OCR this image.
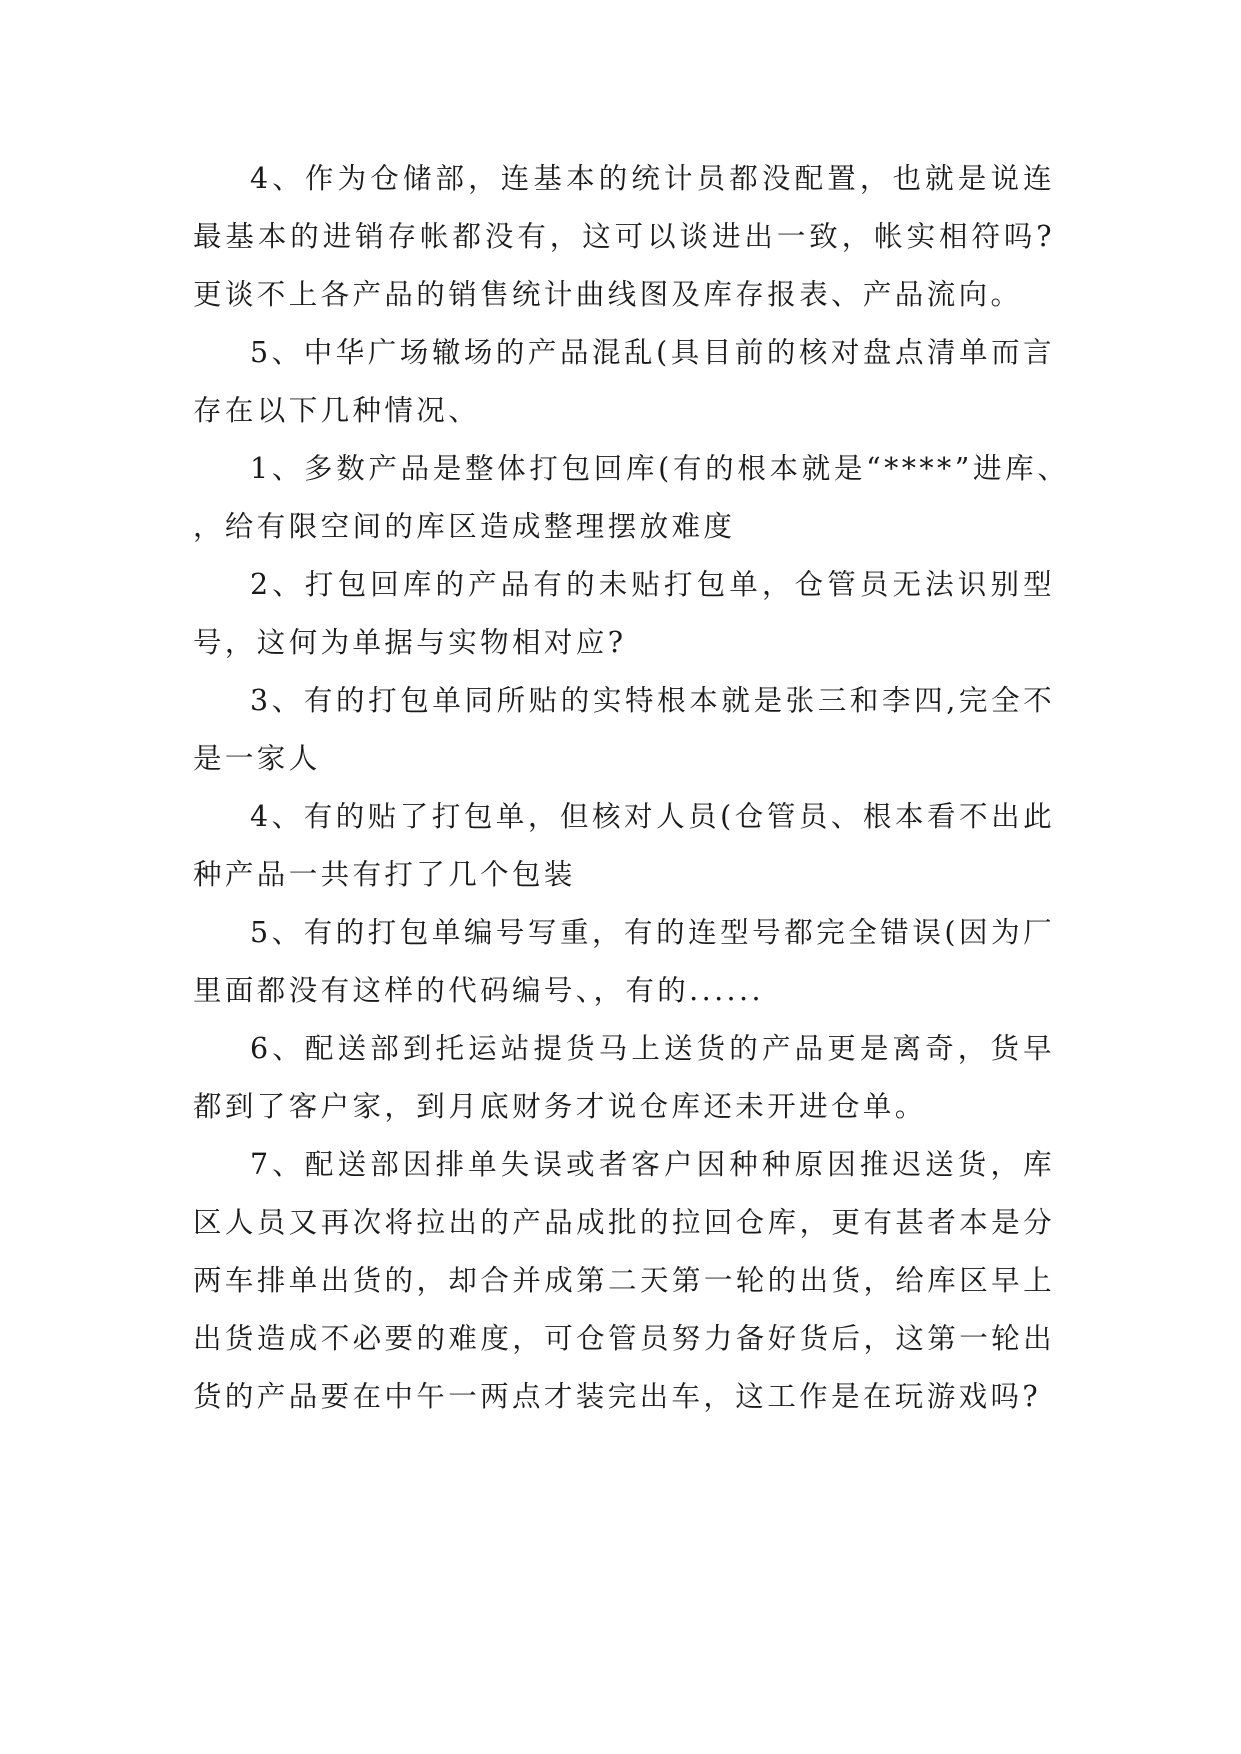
4、作为仓储部，连基本的统计员都没配置，也就是说连最基本的进销存帐都没有，这可以谈进出一致，帐实相符吗?更谈不上各产品的销售统计曲线图及库存报表、产品流向。

5、中华广场辙场的产品混乱(具目前的核对盘点清单而言存在以下几种情况、

1、多数产品是整体打包回库(有的根本就是“****”进库、，给有限空间的库区造成整理摆放难度

2、打包回库的产品有的未贴打包单，仓管员无法识别型号，这何为单据与实物相对应?

3、有的打包单同所贴的实特根本就是张三和李四,完全不是一家人

4、有的贴了打包单，但核对人员(仓管员、根本看不出此种产品一共有打了几个包装

5、有的打包单编号写重，有的连型号都完全错误(因为厂里面都没有这样的代码编号、，有的......

6、配送部到托运站提货马上送货的产品更是离奇，货早都到了客户家，到月底财务才说仓库还未开进仓单。

7、配送部因排单失误或者客户因种种原因推迟送货，库区人员又再次将拉出的产品成批的拉回仓库，更有甚者本是分两车排单出货的，却合并成第二天第一轮的出货，给库区早上出货造成不必要的难度，可仓管员努力备好货后，这第一轮出货的产品要在中午一两点才装完出车，这工作是在玩游戏吗?
